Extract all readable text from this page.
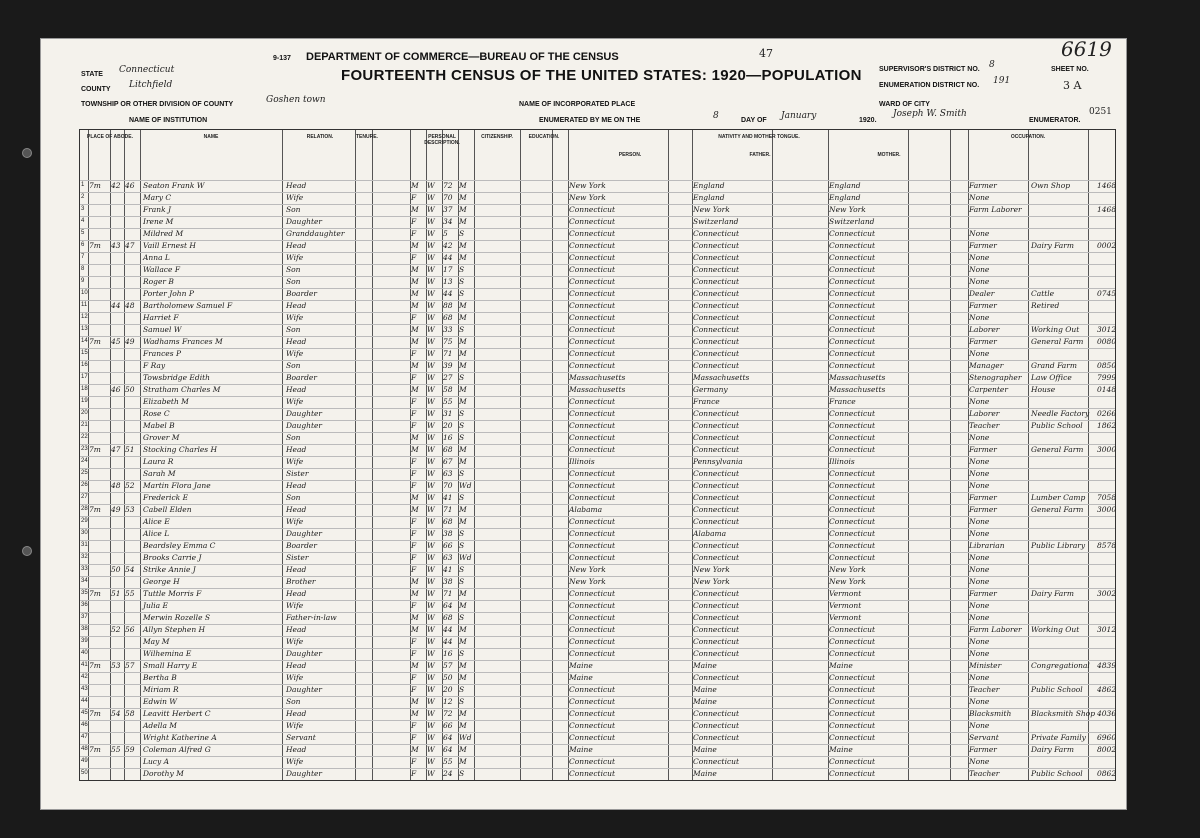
9-137 DEPARTMENT OF COMMERCE—BUREAU OF THE CENSUS	47
FOURTEENTH CENSUS OF THE UNITED STATES: 1920—POPULATION
STATE Connecticut
COUNTY Litchfield
TOWNSHIP OR OTHER DIVISION OF COUNTY	Goshen town
NAME OF INSTITUTION
NAME OF INCORPORATED PLACE	WARD OF CITY
ENUMERATED BY ME ON THE	8	DAY OF January	1920.
Joseph W. Smith
ENUMERATOR.
0251
SUPERVISOR'S DISTRICT NO. 8
ENUMERATION DISTRICT NO. 191
SHEET NO.
3 A
6619
PLACE OF ABODE.	NAME	RELATION.	TENURE.	PERSONAL DESCRIPTION.
CITIZENSHIP.	EDUCATION.	NATIVITY AND MOTHER TONGUE.
PERSON.	FATHER.	MOTHER.
OCCUPATION.
1 7m	42 46	Seaton Frank W	Head	M	W	72 M	New York	England	England	Farmer	Own Shop	1468
2	Mary C	Wife	F	W	70 M	New York	England	England	None
3	Frank J	Son	M	W	37 M	Connecticut	New York	New York	Farm Laborer	1468
4	Irene M	Daughter	F	W	34 M	Connecticut	Switzerland	Switzerland
5	Mildred M	Granddaughter	F	W	5	S	Connecticut	Connecticut	Connecticut	None
6 7m	43 47	Vaill Ernest H	Head	M	W	42 M	Connecticut	Connecticut	Connecticut	Farmer	Dairy Farm	0002
7	Anna L	Wife	F	W	44 M	Connecticut	Connecticut	Connecticut	None
8	Wallace F	Son	M	W	17 S	Connecticut	Connecticut	Connecticut	None
9	Roger B	Son	M	W	13 S	Connecticut	Connecticut	Connecticut	None
10	Porter John P	Boarder	M	W	44 S	Connecticut	Connecticut	Connecticut	Dealer	Cattle	0745
11	44 48	Bartholomew Samuel F	Head	M	W	88 M	Connecticut	Connecticut	Connecticut	Farmer	Retired
12	Harriet F	Wife	F	W	68 M	Connecticut	Connecticut	Connecticut	None
13	Samuel W	Son	M	W	33 S	Connecticut	Connecticut	Connecticut	Laborer	Working Out	3012
14 7m	45 49	Wadhams Frances M	Head	M	W	75 M	Connecticut	Connecticut	Connecticut	Farmer	General Farm	0080
15	Frances P	Wife	F	W	71 M	Connecticut	Connecticut	Connecticut	None
16	F Ray	Son	M	W	39 M	Connecticut	Connecticut	Connecticut	Manager	Grand Farm	0850
17	Towsbridge Edith	Boarder	F	W	27 S	Massachusetts	Massachusetts	Massachusetts	Stenographer	Law Office	7999
18	46 50	Stratham Charles M	Head	M	W	58 M	Massachusetts	Germany	Massachusetts	Carpenter	House	0148
19	Elizabeth M	Wife	F	W	55 M	Connecticut	France	France	None
20	Rose C	Daughter	F	W	31 S	Connecticut	Connecticut	Connecticut	Laborer	Needle Factory 0266
21	Mabel B	Daughter	F	W	20 S	Connecticut	Connecticut	Connecticut	Teacher	Public School	1862
22	Grover M	Son	M	W	16 S	Connecticut	Connecticut	Connecticut	None
23 7m	47 51	Stocking Charles H	Head	M	W	68 M	Connecticut	Connecticut	Connecticut	Farmer	General Farm	3000
24	Laura R	Wife	F	W	67 M	Illinois	Pennsylvania	Illinois	None
25	Sarah M	Sister	F	W	63 S	Connecticut	Connecticut	Connecticut	None
26	48 52	Martin Flora Jane	Head	F	W	70 Wd	Connecticut	Connecticut	Connecticut	None
27	Frederick E	Son	M	W	41 S	Connecticut	Connecticut	Connecticut	Farmer	Lumber Camp	7058
28 7m	49 53	Cabell Elden	Head	M	W	71 M	Alabama	Connecticut	Connecticut	Farmer	General Farm	3000
29	Alice E	Wife	F	W	68 M	Connecticut	Connecticut	Connecticut	None
30	Alice L	Daughter	F	W	38 S	Connecticut	Alabama	Connecticut	None
31	Beardsley Emma C	Boarder	F	W	66 S	Connecticut	Connecticut	Connecticut	Librarian	Public Library	8578
32	Brooks Carrie J	Sister	F	W	63 Wd	Connecticut	Connecticut	Connecticut	None
33	50 54	Strike Annie J	Head	F	W	41 S	New York	New York	New York	None
34	George H	Brother	M	W	38 S	New York	New York	New York	None
35 7m	51 55	Tuttle Morris F	Head	M	W	71 M	Connecticut	Connecticut	Vermont	Farmer	Dairy Farm	3002
36	Julia E	Wife	F	W	64 M	Connecticut	Connecticut	Vermont	None
37	Merwin Rozelle S	Father-in-law	M	W	68 S	Connecticut	Connecticut	Vermont	None
38	52 56	Allyn Stephen H	Head	M	W	44 M	Connecticut	Connecticut	Connecticut	Farm Laborer	Working Out	3012
39	May M	Wife	F	W	44 M	Connecticut	Connecticut	Connecticut	None
40	Wilhemina E	Daughter	F	W	16 S	Connecticut	Connecticut	Connecticut	None
41 7m	53 57	Small Harry E	Head	M	W	57 M	Maine	Maine	Maine	Minister	Congregational 4839
42	Bertha B	Wife	F	W	50 M	Maine	Connecticut	Connecticut	None
43	Miriam R	Daughter	F	W	20 S	Connecticut	Maine	Connecticut	Teacher	Public School	4862
44	Edwin W	Son	M	W	12 S	Connecticut	Maine	Connecticut	None
45 7m	54 58	Leavitt Herbert C	Head	M	W	72 M	Connecticut	Connecticut	Connecticut	Blacksmith	Blacksmith Shop 4036
46	Adella M	Wife	F	W	66 M	Connecticut	Connecticut	Connecticut	None
47	Wright Katherine A	Servant	F	W	64 Wd	Connecticut	Connecticut	Connecticut	Servant	Private Family	6960
48 7m	55 59	Coleman Alfred G	Head	M	W	64 M	Maine	Maine	Maine	Farmer	Dairy Farm	8002
49	Lucy A	Wife	F	W	55 M	Connecticut	Connecticut	Connecticut	None
50	Dorothy M	Daughter	F	W	24 S	Connecticut	Maine	Connecticut	Teacher	Public School	0862
